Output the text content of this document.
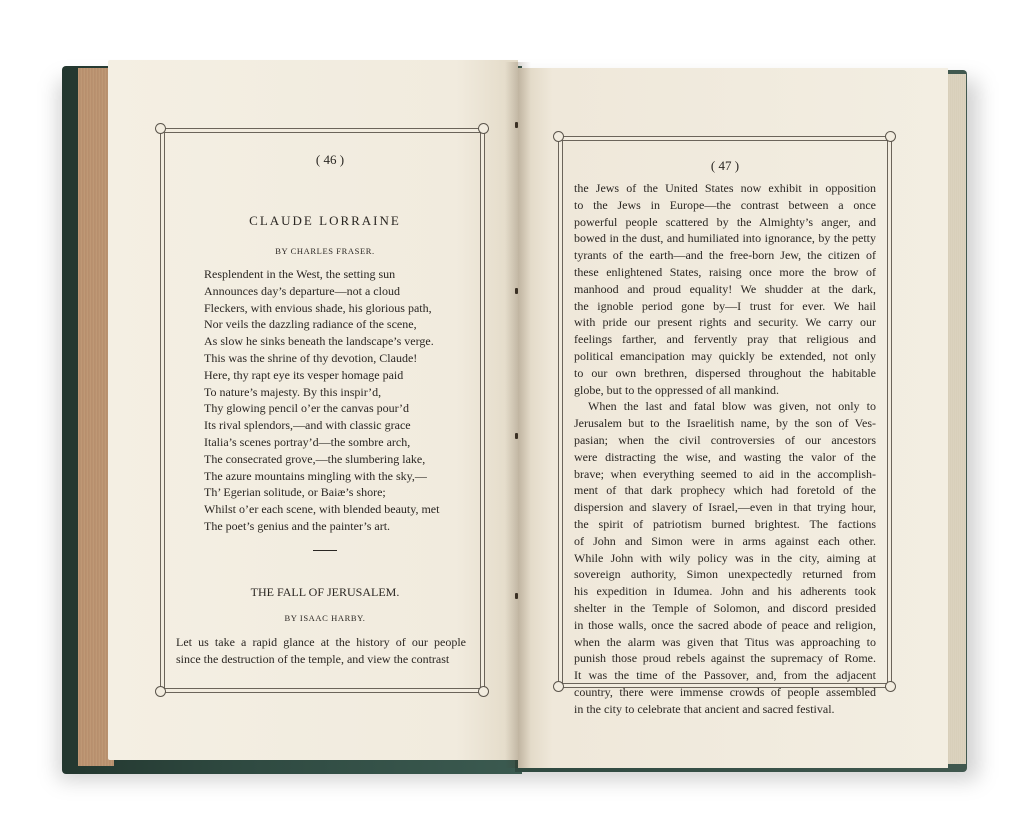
( 46 )
CLAUDE LORRAINE
BY CHARLES FRASER.
Resplendent in the West, the setting sun
Announces day’s departure—not a cloud
Fleckers, with envious shade, his glorious path,
Nor veils the dazzling radiance of the scene,
As slow he sinks beneath the landscape’s verge.
This was the shrine of thy devotion, Claude!
Here, thy rapt eye its vesper homage paid
To nature’s majesty. By this inspir’d,
Thy glowing pencil o’er the canvas pour’d
Its rival splendors,—and with classic grace
Italia’s scenes portray’d—the sombre arch,
The consecrated grove,—the slumbering lake,
The azure mountains mingling with the sky,—
Th’ Egerian solitude, or Baiæ’s shore;
Whilst o’er each scene, with blended beauty, met
The poet’s genius and the painter’s art.
THE FALL OF JERUSALEM.
BY ISAAC HARBY.
Let us take a rapid glance at the history of our people
since the destruction of the temple, and view the contrast
( 47 )
the Jews of the United States now exhibit in opposition
to the Jews in Europe—the contrast between a once
powerful people scattered by the Almighty’s anger, and
bowed in the dust, and humiliated into ignorance, by the petty
tyrants of the earth—and the free-born Jew, the citizen of
these enlightened States, raising once more the brow of
manhood and proud equality! We shudder at the dark,
the ignoble period gone by—I trust for ever. We hail
with pride our present rights and security. We carry our
feelings farther, and fervently pray that religious and
political emancipation may quickly be extended, not only
to our own brethren, dispersed throughout the habitable
globe, but to the oppressed of all mankind.
When the last and fatal blow was given, not only to
Jerusalem but to the Israelitish name, by the son of Ves-
pasian; when the civil controversies of our ancestors
were distracting the wise, and wasting the valor of the
brave; when everything seemed to aid in the accomplish-
ment of that dark prophecy which had foretold of the
dispersion and slavery of Israel,—even in that trying hour,
the spirit of patriotism burned brightest. The factions
of John and Simon were in arms against each other.
While John with wily policy was in the city, aiming at
sovereign authority, Simon unexpectedly returned from
his expedition in Idumea. John and his adherents took
shelter in the Temple of Solomon, and discord presided
in those walls, once the sacred abode of peace and religion,
when the alarm was given that Titus was approaching to
punish those proud rebels against the supremacy of Rome.
It was the time of the Passover, and, from the adjacent
country, there were immense crowds of people assembled
in the city to celebrate that ancient and sacred festival.
